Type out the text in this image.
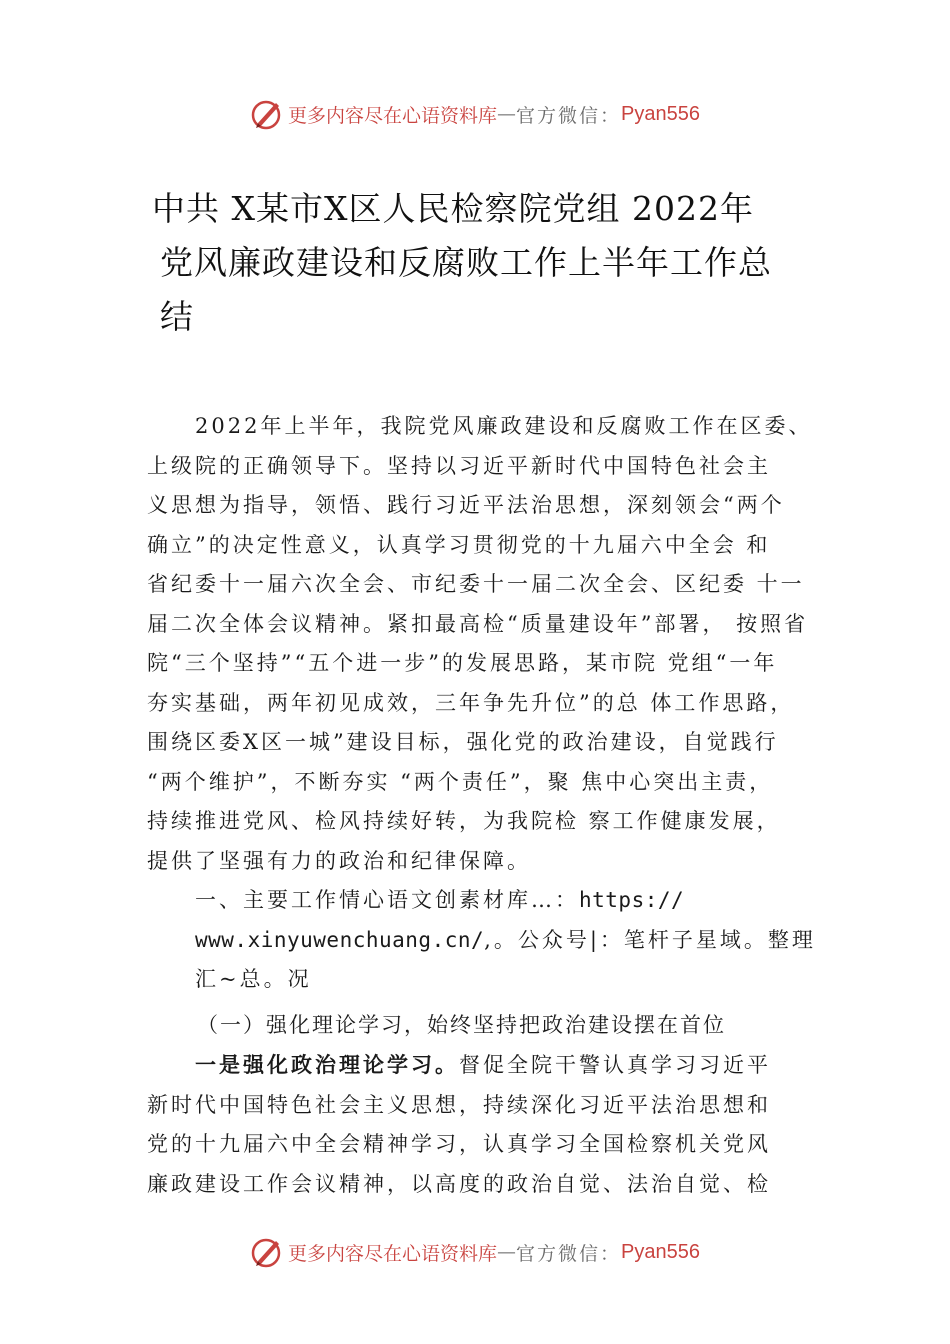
更多内容尽在心语资料库 — 官方微信： Pyan556
中共 X某市X区人民检察院党组 2022年
党风廉政建设和反腐败工作上半年工作总
结
2022年上半年，我院党风廉政建设和反腐败工作在区委、
上级院的正确领导下。坚持以习近平新时代中国特色社会主
义思想为指导，领悟、践行习近平法治思想，深刻领会“两个
确立”的决定性意义，认真学习贯彻党的十九届六中全会 和
省纪委十一届六次全会、市纪委十一届二次全会、区纪委 十一
届二次全体会议精神。紧扣最高检“质量建设年”部署， 按照省
院“三个坚持”“五个进一步”的发展思路，某市院 党组“一年
夯实基础，两年初见成效，三年争先升位”的总 体工作思路，
围绕区委X区一城”建设目标，强化党的政治建设，自觉践行
“两个维护”，不断夯实 “两个责任”，聚 焦中心突出主责，
持续推进党风、检风持续好转，为我院检 察工作健康发展，
提供了坚强有力的政治和纪律保障。
一、主要工作情心语文创素材库…：https://
www.xinyuwenchuang.cn/,。公众号|：笔杆子星域。整理
汇~总。况
（一）强化理论学习，始终坚持把政治建设摆在首位
一是强化政治理论学习。督促全院干警认真学习习近平
新时代中国特色社会主义思想，持续深化习近平法治思想和
党的十九届六中全会精神学习，认真学习全国检察机关党风
廉政建设工作会议精神，以高度的政治自觉、法治自觉、检
更多内容尽在心语资料库 — 官方微信： Pyan556
